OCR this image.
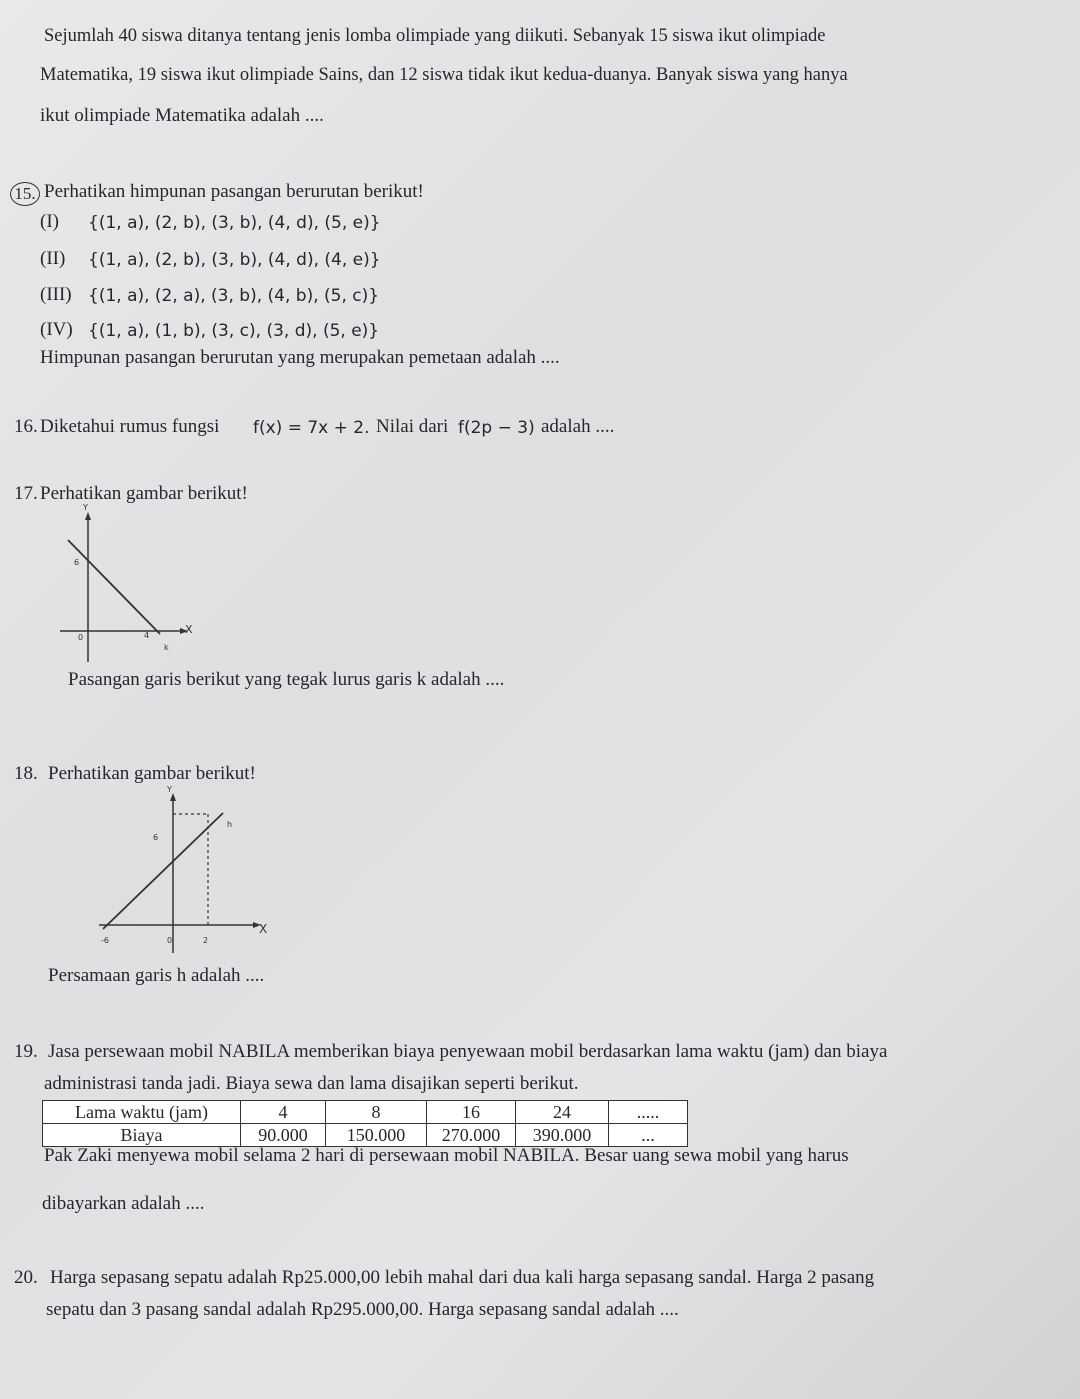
Sejumlah 40 siswa ditanya tentang jenis lomba olimpiade yang diikuti. Sebanyak 15 siswa ikut olimpiade
Matematika, 19 siswa ikut olimpiade Sains, dan 12 siswa tidak ikut kedua-duanya. Banyak siswa yang hanya
ikut olimpiade Matematika adalah ....
15. Perhatikan himpunan pasangan berurutan berikut!
(I) {(1, a), (2, b), (3, b), (4, d), (5, e)}
(II) {(1, a), (2, b), (3, b), (4, d), (4, e)}
(III) {(1, a), (2, a), (3, b), (4, b), (5, c)}
(IV) {(1, a), (1, b), (3, c), (3, d), (5, e)}
Himpunan pasangan berurutan yang merupakan pemetaan adalah ....
16. Diketahui rumus fungsi f(x) = 7x + 2. Nilai dari f(2p − 3) adalah ....
17. Perhatikan gambar berikut!
Y
X
6
0	4
k
Pasangan garis berikut yang tegak lurus garis k adalah ....
18. Perhatikan gambar berikut!
Y
X
h
6
-6	0	2
Persamaan garis h adalah ....
19. Jasa persewaan mobil NABILA memberikan biaya penyewaan mobil berdasarkan lama waktu (jam) dan biaya
administrasi tanda jadi. Biaya sewa dan lama disajikan seperti berikut.
Lama waktu (jam)	4	8	16	24	.....
Biaya	90.000	150.000	270.000	390.000	...
Pak Zaki menyewa mobil selama 2 hari di persewaan mobil NABILA. Besar uang sewa mobil yang harus
dibayarkan adalah ....
20. Harga sepasang sepatu adalah Rp25.000,00 lebih mahal dari dua kali harga sepasang sandal. Harga 2 pasang
sepatu dan 3 pasang sandal adalah Rp295.000,00. Harga sepasang sandal adalah ....
